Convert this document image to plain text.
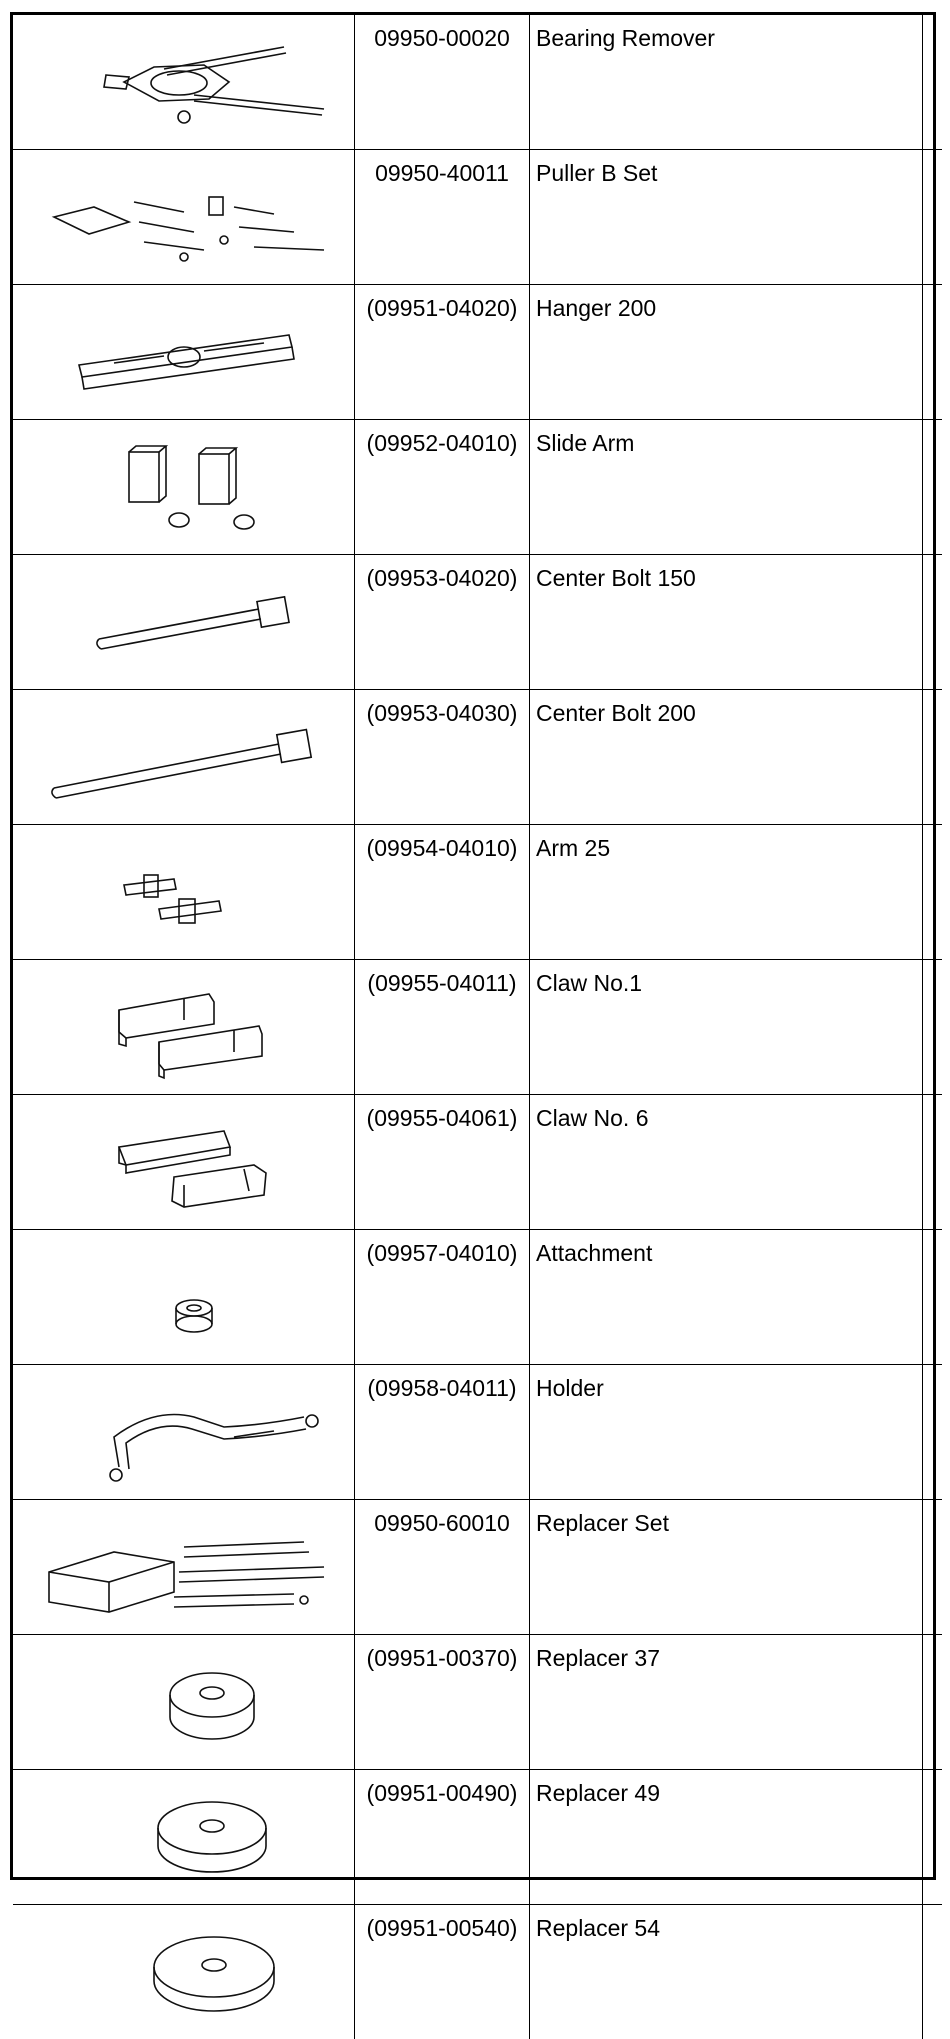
	09950-00020	Bearing Remover	

	09950-40011	Puller B Set	

	(09951-04020)	Hanger 200	

	(09952-04010)	Slide Arm	

	(09953-04020)	Center Bolt 150	

	(09953-04030)	Center Bolt 200	

	(09954-04010)	Arm 25	

	(09955-04011)	Claw No.1	

	(09955-04061)	Claw No. 6	

	(09957-04010)	Attachment	

	(09958-04011)	Holder	

	09950-60010	Replacer Set	

	(09951-00370)	Replacer 37	

	(09951-00490)	Replacer 49	

	(09951-00540)	Replacer 54	
